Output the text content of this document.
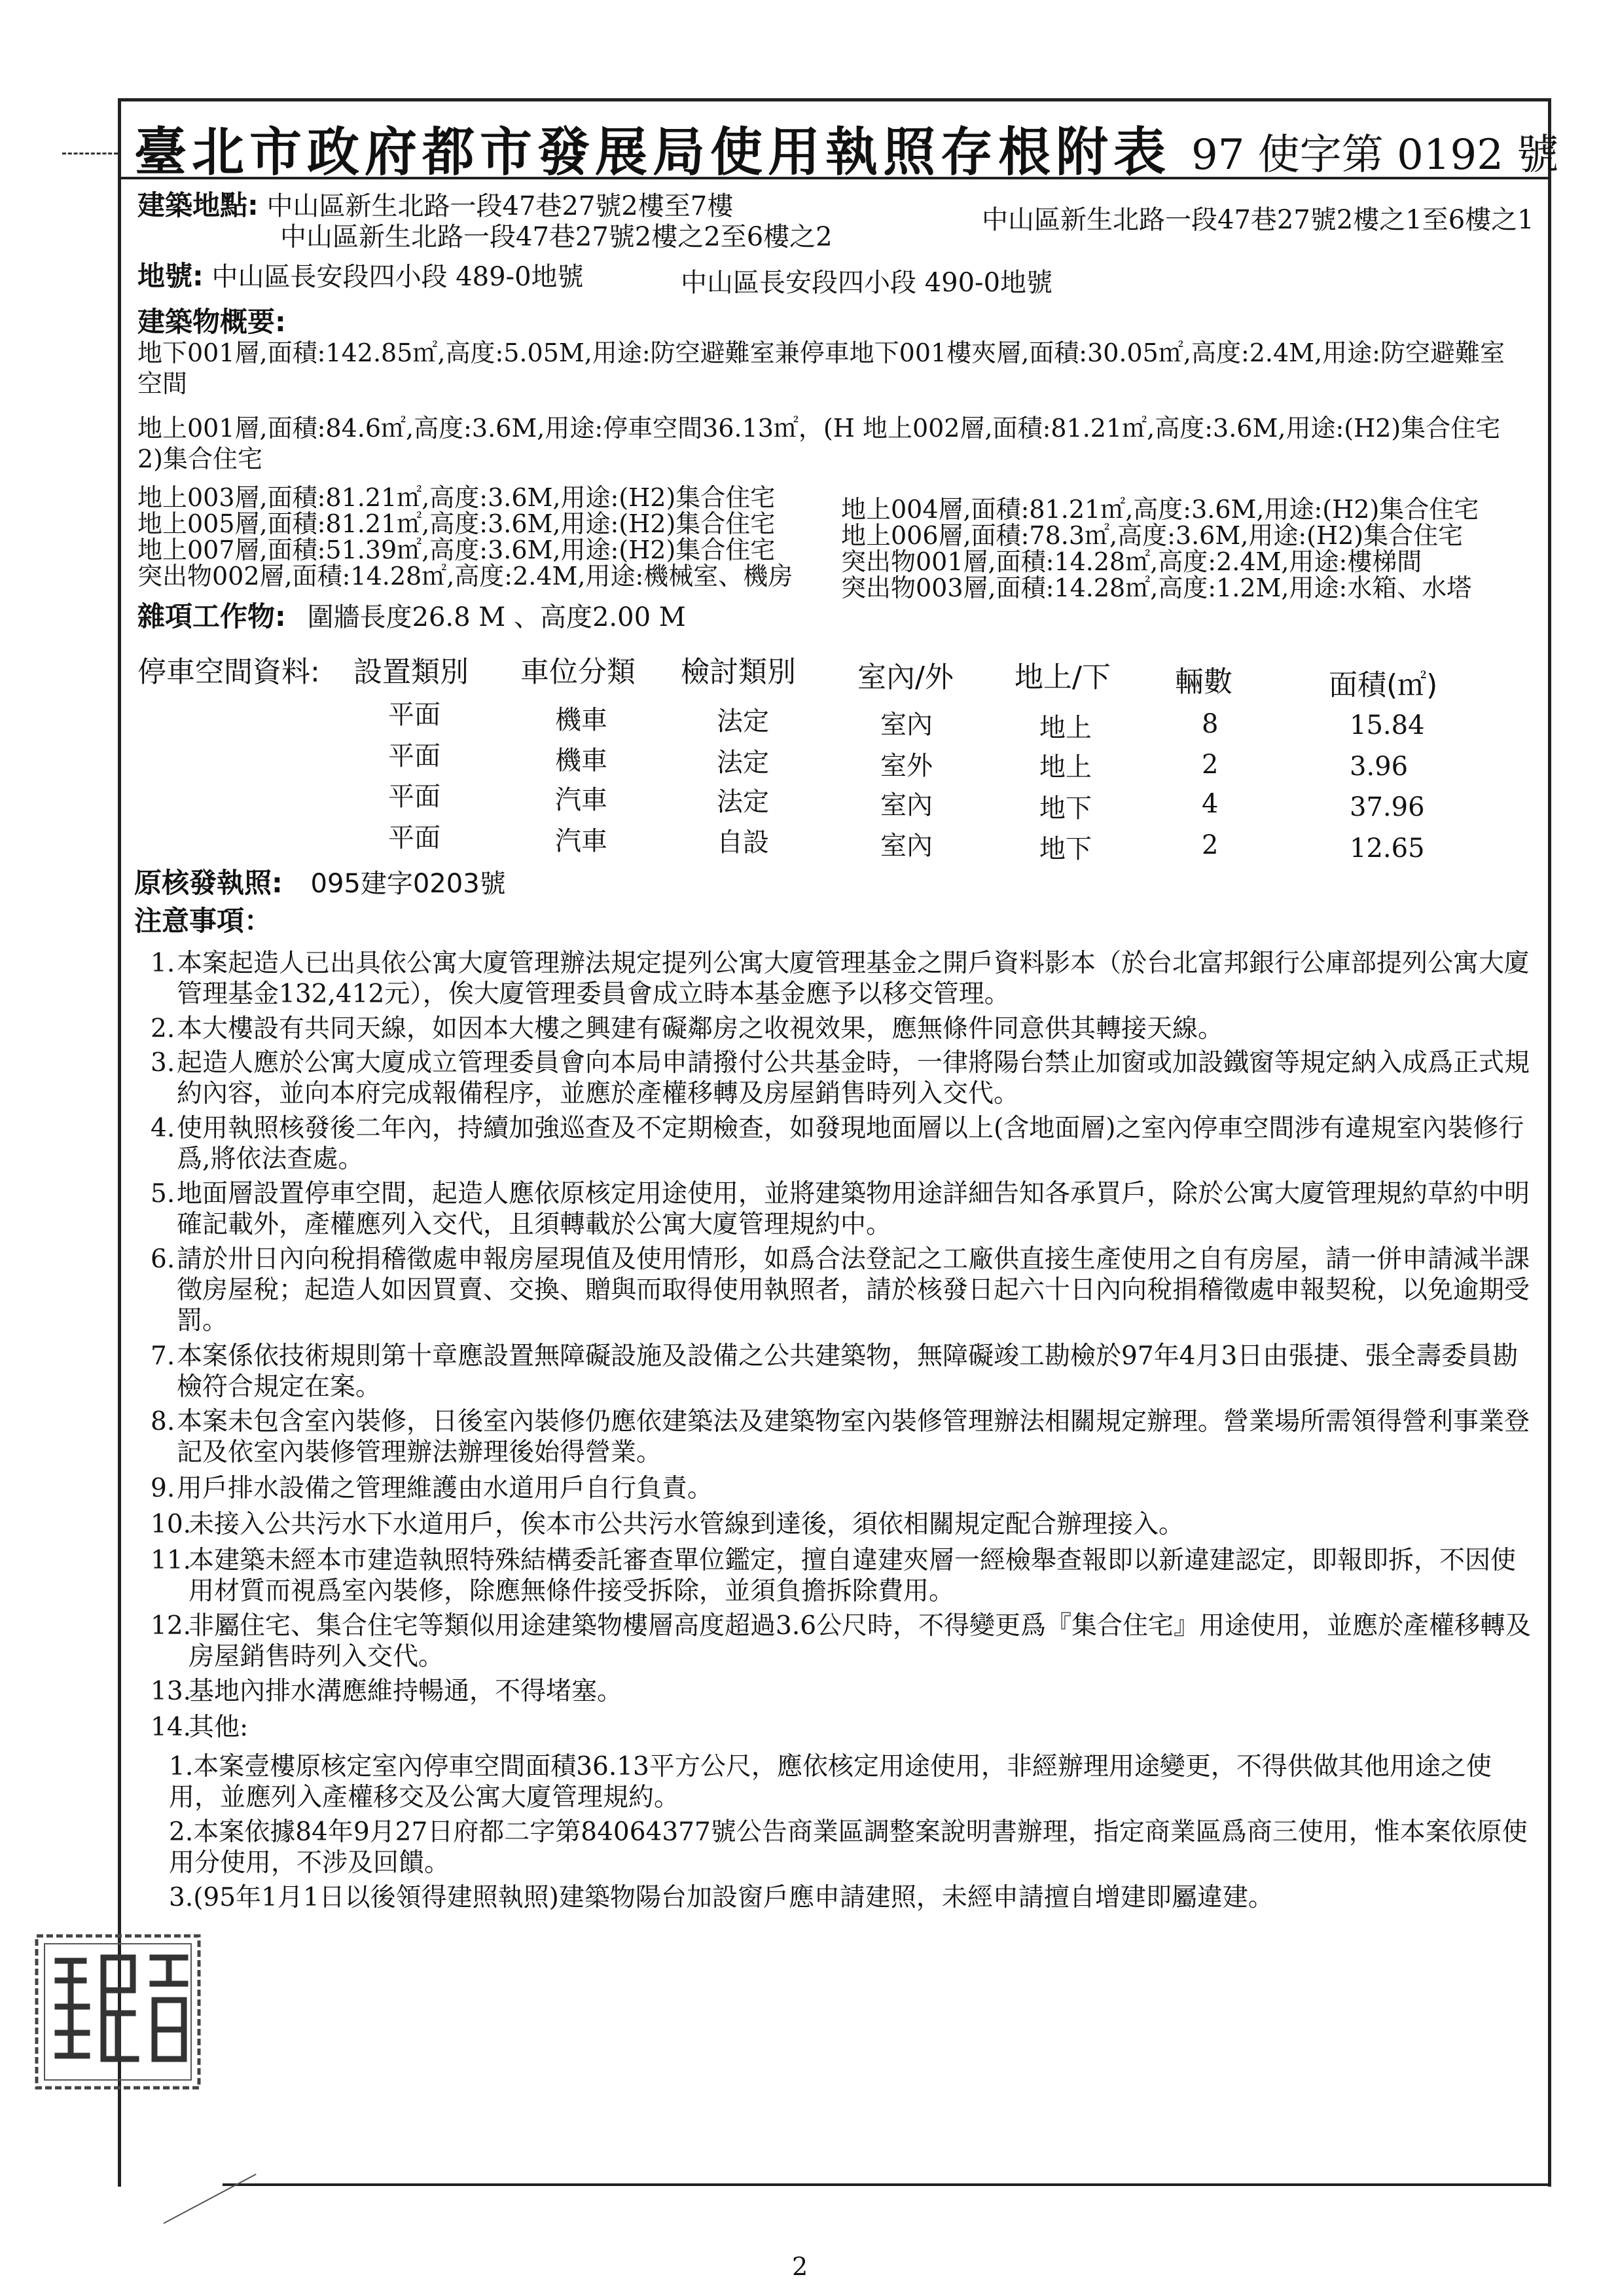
臺北市政府都市發展局使用執照存根附表 97 使字第 0192 號
建築地點: 中山區新生北路一段47巷27號2樓至7樓
中山區新生北路一段47巷27號2樓之2至6樓之2
中山區新生北路一段47巷27號2樓之1至6樓之1
地號: 中山區長安段四小段 489-0地號	中山區長安段四小段 490-0地號
建築物概要:
地下001層,面積:142.85㎡,高度:5.05M,用途:防空避難室兼停車地下001樓夾層,面積:30.05㎡,高度:2.4M,用途:防空避難室
空間
地上001層,面積:84.6㎡,高度:3.6M,用途:停車空間36.13㎡，(H 地上002層,面積:81.21㎡,高度:3.6M,用途:(H2)集合住宅
2)集合住宅
地上003層,面積:81.21㎡,高度:3.6M,用途:(H2)集合住宅
地上005層,面積:81.21㎡,高度:3.6M,用途:(H2)集合住宅
地上007層,面積:51.39㎡,高度:3.6M,用途:(H2)集合住宅
突出物002層,面積:14.28㎡,高度:2.4M,用途:機械室、機房
地上004層,面積:81.21㎡,高度:3.6M,用途:(H2)集合住宅
地上006層,面積:78.3㎡,高度:3.6M,用途:(H2)集合住宅
突出物001層,面積:14.28㎡,高度:2.4M,用途:樓梯間
突出物003層,面積:14.28㎡,高度:1.2M,用途:水箱、水塔
雜項工作物: 圍牆長度26.8 M 、高度2.00 M
停車空間資料: 設置類別 車位分類 檢討類別 室內/外 地上/下 輛數	面積(㎡)
平面	機車	法定	室內	地上	8	15.84
平面	機車	法定	室外	地上	2	3.96
平面	汽車	法定	室內	地下	4	37.96
平面	汽車	自設	室內	地下	2	12.65
原核發執照: 095建字0203號
注意事項：
1. 本案起造人已出具依公寓大廈管理辦法規定提列公寓大廈管理基金之開戶資料影本（於台北富邦銀行公庫部提列公寓大廈管理基金132,412元），俟大廈管理委員會成立時本基金應予以移交管理。
2. 本大樓設有共同天線，如因本大樓之興建有礙鄰房之收視效果，應無條件同意供其轉接天線。
3. 起造人應於公寓大廈成立管理委員會向本局申請撥付公共基金時，一律將陽台禁止加窗或加設鐵窗等規定納入成爲正式規約內容，並向本府完成報備程序，並應於產權移轉及房屋銷售時列入交代。
4. 使用執照核發後二年內，持續加強巡查及不定期檢查，如發現地面層以上(含地面層)之室內停車空間涉有違規室內裝修行爲,將依法查處。
5. 地面層設置停車空間，起造人應依原核定用途使用，並將建築物用途詳細告知各承買戶，除於公寓大廈管理規約草約中明確記載外，產權應列入交代，且須轉載於公寓大廈管理規約中。
6. 請於卅日內向稅捐稽徵處申報房屋現值及使用情形，如爲合法登記之工廠供直接生產使用之自有房屋，請一併申請減半課徵房屋稅；起造人如因買賣、交換、贈與而取得使用執照者，請於核發日起六十日內向稅捐稽徵處申報契稅，以免逾期受罰。
7. 本案係依技術規則第十章應設置無障礙設施及設備之公共建築物，無障礙竣工勘檢於97年4月3日由張捷、張全壽委員勘檢符合規定在案。
8. 本案未包含室內裝修，日後室內裝修仍應依建築法及建築物室內裝修管理辦法相關規定辦理。營業場所需領得營利事業登記及依室內裝修管理辦法辦理後始得營業。
9. 用戶排水設備之管理維護由水道用戶自行負責。
10.
未接入公共污水下水道用戶，俟本市公共污水管線到達後，須依相關規定配合辦理接入。
11.
本建築未經本市建造執照特殊結構委託審查單位鑑定，擅自違建夾層一經檢舉查報即以新違建認定，即報即拆，不因使用材質而視爲室內裝修，除應無條件接受拆除，並須負擔拆除費用。
12.
非屬住宅、集合住宅等類似用途建築物樓層高度超過3.6公尺時，不得變更爲『集合住宅』用途使用，並應於產權移轉及房屋銷售時列入交代。
13.
基地內排水溝應維持暢通，不得堵塞。
14.
其他:
1.本案壹樓原核定室內停車空間面積36.13平方公尺，應依核定用途使用，非經辦理用途變更，不得供做其他用途之使用，並應列入產權移交及公寓大廈管理規約。
2.本案依據84年9月27日府都二字第84064377號公告商業區調整案說明書辦理，指定商業區爲商三使用，惟本案依原使用分使用，不涉及回饋。
3.(95年1月1日以後領得建照執照)建築物陽台加設窗戶應申請建照，未經申請擅自增建即屬違建。
2
